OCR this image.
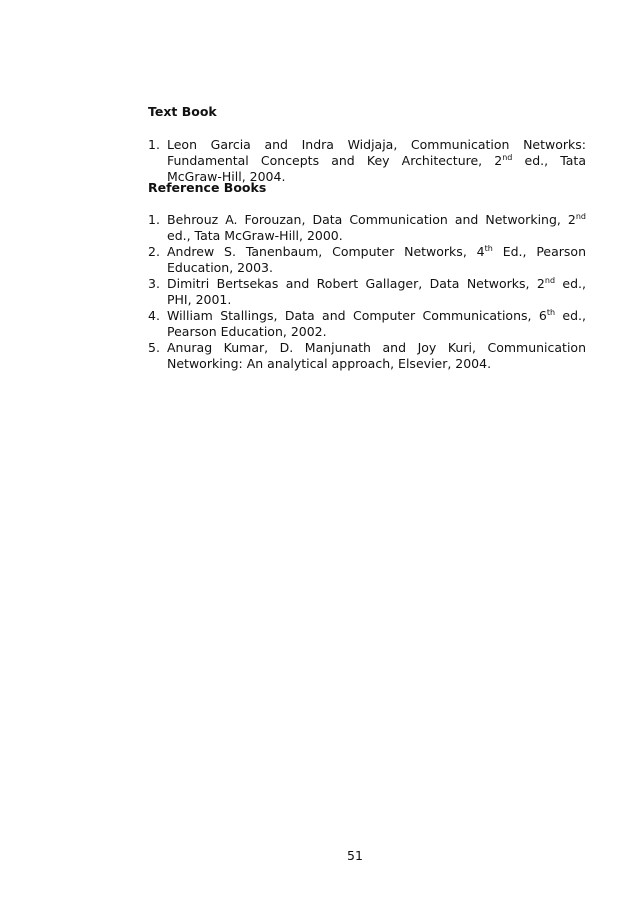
Text Book
1. Leon Garcia and Indra Widjaja, Communication Networks: Fundamental Concepts and Key Architecture, 2nd ed., Tata McGraw-Hill, 2004.
Reference Books
1. Behrouz A. Forouzan, Data Communication and Networking, 2nd ed., Tata McGraw-Hill, 2000.
2. Andrew S. Tanenbaum, Computer Networks, 4th Ed., Pearson Education, 2003.
3. Dimitri Bertsekas and Robert Gallager, Data Networks, 2nd ed., PHI, 2001.
4. William Stallings, Data and Computer Communications, 6th ed., Pearson Education, 2002.
5. Anurag Kumar, D. Manjunath and Joy Kuri, Communication Networking: An analytical approach, Elsevier, 2004.
51
